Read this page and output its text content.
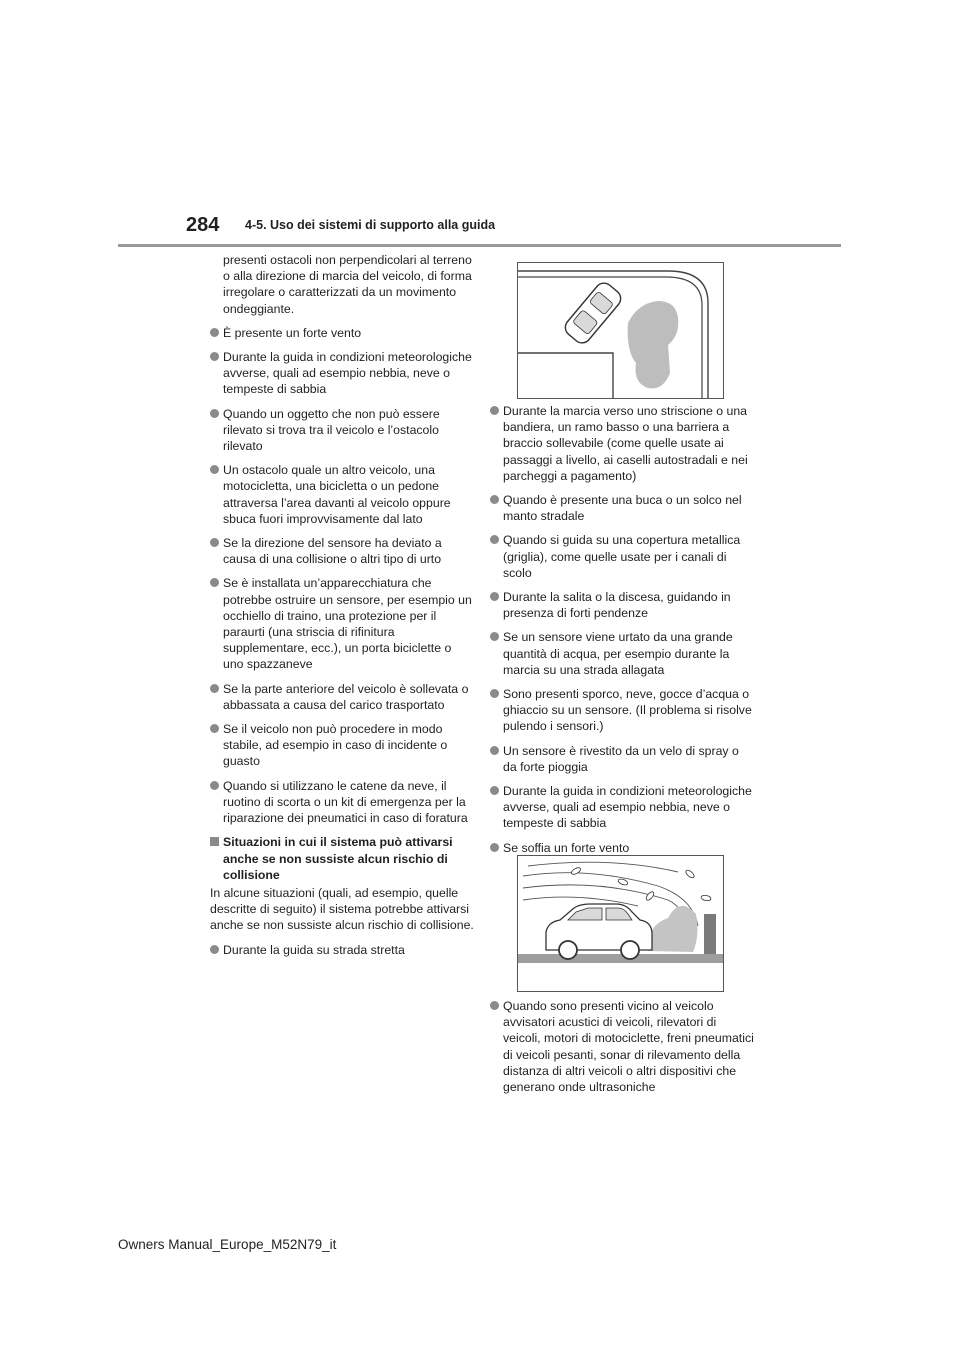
284 4-5. Uso dei sistemi di supporto alla guida
presenti ostacoli non perpendicolari al terreno o alla direzione di marcia del veicolo, di forma irregolare o caratterizzati da un movimento ondeggiante.
È presente un forte vento
Durante la guida in condizioni meteorologiche avverse, quali ad esempio nebbia, neve o tempeste di sabbia
Quando un oggetto che non può essere rilevato si trova tra il veicolo e l’ostacolo rilevato
Un ostacolo quale un altro veicolo, una motocicletta, una bicicletta o un pedone attraversa l’area davanti al veicolo oppure sbuca fuori improvvisamente dal lato
Se la direzione del sensore ha deviato a causa di una collisione o altri tipo di urto
Se è installata un’apparecchiatura che potrebbe ostruire un sensore, per esempio un occhiello di traino, una protezione per il paraurti (una striscia di rifinitura supplementare, ecc.), un porta biciclette o uno spazzaneve
Se la parte anteriore del veicolo è sollevata o abbassata a causa del carico trasportato
Se il veicolo non può procedere in modo stabile, ad esempio in caso di incidente o guasto
Quando si utilizzano le catene da neve, il ruotino di scorta o un kit di emergenza per la riparazione dei pneumatici in caso di foratura
Situazioni in cui il sistema può attivarsi anche se non sussiste alcun rischio di collisione
In alcune situazioni (quali, ad esempio, quelle descritte di seguito) il sistema potrebbe attivarsi anche se non sussiste alcun rischio di collisione.
Durante la guida su strada stretta
Durante la marcia verso uno striscione o una bandiera, un ramo basso o una barriera a braccio sollevabile (come quelle usate ai passaggi a livello, ai caselli autostradali e nei parcheggi a pagamento)
Quando è presente una buca o un solco nel manto stradale
Quando si guida su una copertura metallica (griglia), come quelle usate per i canali di scolo
Durante la salita o la discesa, guidando in presenza di forti pendenze
Se un sensore viene urtato da una grande quantità di acqua, per esempio durante la marcia su una strada allagata
Sono presenti sporco, neve, gocce d’acqua o ghiaccio su un sensore. (Il problema si risolve pulendo i sensori.)
Un sensore è rivestito da un velo di spray o da forte pioggia
Durante la guida in condizioni meteorologiche avverse, quali ad esempio nebbia, neve o tempeste di sabbia
Se soffia un forte vento
Quando sono presenti vicino al veicolo avvisatori acustici di veicoli, rilevatori di veicoli, motori di motociclette, freni pneumatici di veicoli pesanti, sonar di rilevamento della distanza di altri veicoli o altri dispositivi che generano onde ultrasoniche
Owners Manual_Europe_M52N79_it
